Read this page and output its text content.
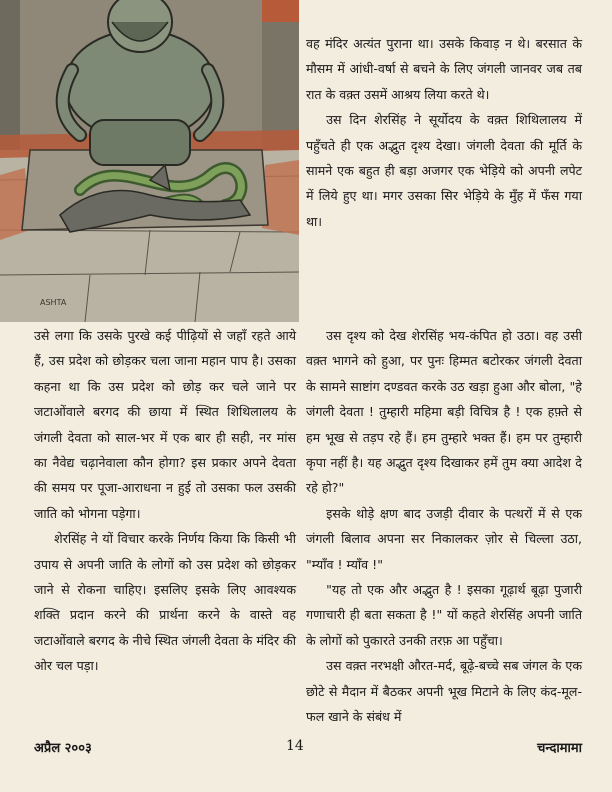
ASHTA

वह मंदिर अत्यंत पुराना था। उसके किवाड़ न थे। बरसात के मौसम में आंधी-वर्षा से बचने के लिए जंगली जानवर जब तब रात के वक़्त उसमें आश्रय लिया करते थे।

उस दिन शेरसिंह ने सूर्योदय के वक़्त शिथिलालय में पहुँचते ही एक अद्भुत दृश्य देखा। जंगली देवता की मूर्ति के सामने एक बहुत ही बड़ा अजगर एक भेड़िये को अपनी लपेट में लिये हुए था। मगर उसका सिर भेड़िये के मुँह में फँस गया था।

उसे लगा कि उसके पुरखे कई पीढ़ियों से जहाँ रहते आये हैं, उस प्रदेश को छोड़कर चला जाना महान पाप है। उसका कहना था कि उस प्रदेश को छोड़ कर चले जाने पर जटाओंवाले बरगद की छाया में स्थित शिथिलालय के जंगली देवता को साल-भर में एक बार ही सही, नर मांस का नैवेद्य चढ़ानेवाला कौन होगा? इस प्रकार अपने देवता की समय पर पूजा-आराधना न हुई तो उसका फल उसकी जाति को भोगना पड़ेगा।

शेरसिंह ने यों विचार करके निर्णय किया कि किसी भी उपाय से अपनी जाति के लोगों को उस प्रदेश को छोड़कर जाने से रोकना चाहिए। इसलिए इसके लिए आवश्यक शक्ति प्रदान करने की प्रार्थना करने के वास्ते वह जटाओंवाले बरगद के नीचे स्थित जंगली देवता के मंदिर की ओर चल पड़ा।

उस दृश्य को देख शेरसिंह भय-कंपित हो उठा। वह उसी वक़्त भागने को हुआ, पर पुनः हिम्मत बटोरकर जंगली देवता के सामने साष्टांग दण्डवत करके उठ खड़ा हुआ और बोला, "हे जंगली देवता ! तुम्हारी महिमा बड़ी विचित्र है ! एक हफ़्ते से हम भूख से तड़प रहे हैं। हम तुम्हारे भक्त हैं। हम पर तुम्हारी कृपा नहीं है। यह अद्भुत दृश्य दिखाकर हमें तुम क्या आदेश दे रहे हो?"

इसके थोड़े क्षण बाद उजड़ी दीवार के पत्थरों में से एक जंगली बिलाव अपना सर निकालकर ज़ोर से चिल्ला उठा, "म्याँव ! म्याँव !"

"यह तो एक और अद्भुत है ! इसका गूढ़ार्थ बूढ़ा पुजारी गणाचारी ही बता सकता है !" यों कहते शेरसिंह अपनी जाति के लोगों को पुकारते उनकी तरफ़ आ पहुँचा।

उस वक़्त नरभक्षी औरत-मर्द, बूढ़े-बच्चे सब जंगल के एक छोटे से मैदान में बैठकर अपनी भूख मिटाने के लिए कंद-मूल-फल खाने के संबंध में

अप्रैल २००३	14	चन्दामामा
